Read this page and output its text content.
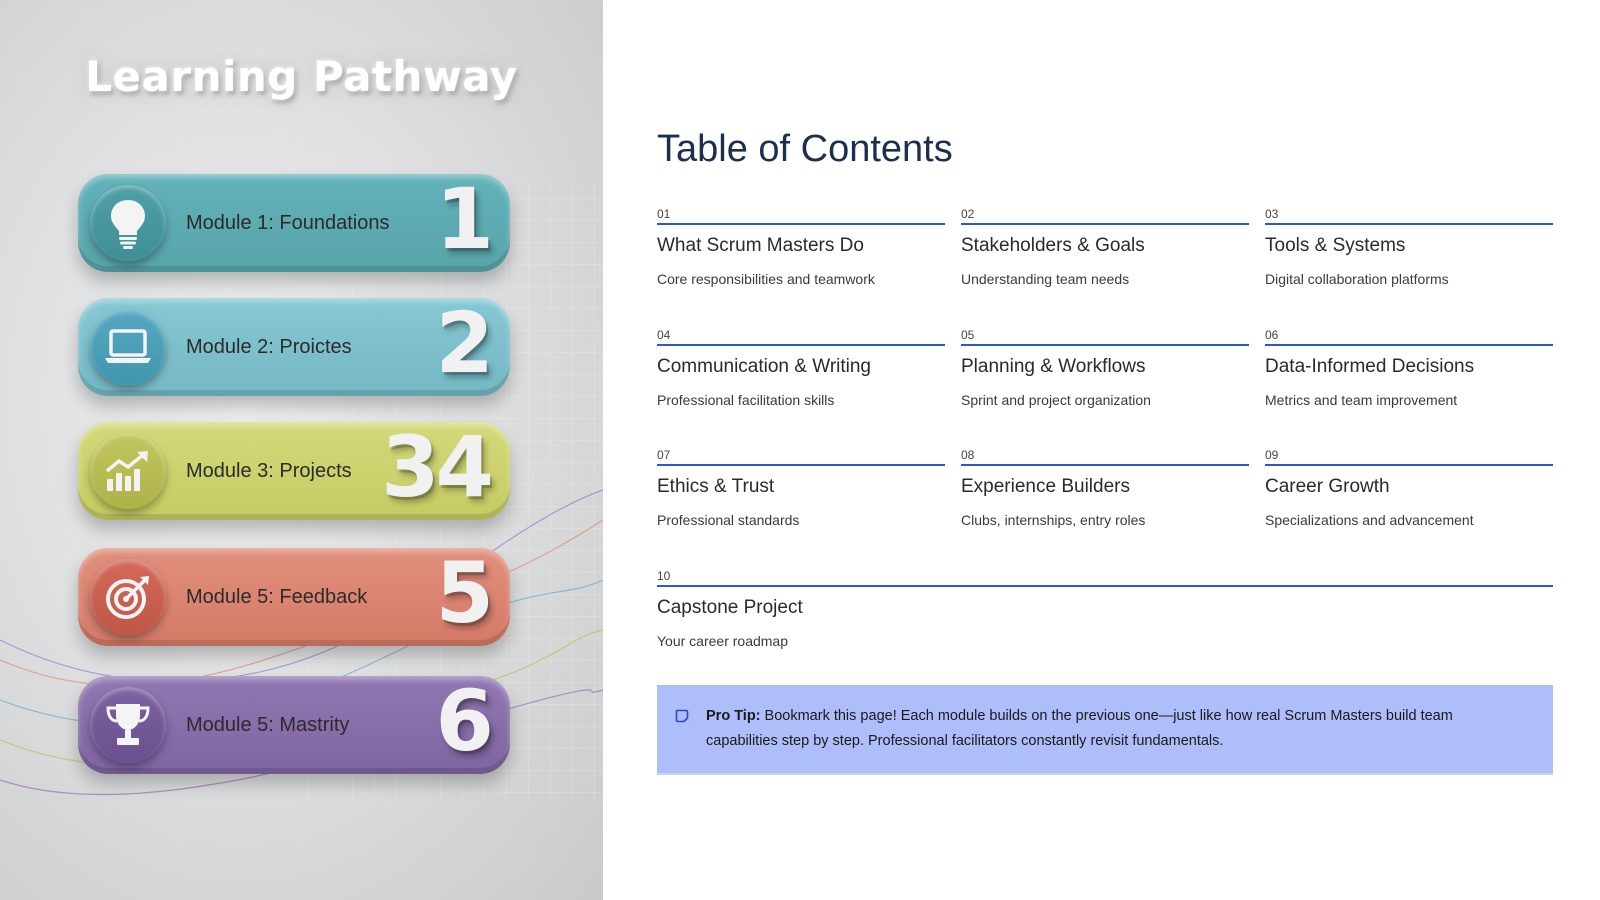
Learning Pathway
Module 1: Foundations 1
Module 2: Proictes 2
Module 3: Projects 34
Module 5: Feedback 5
Module 5: Mastrity 6
Table of Contents
01
What Scrum Masters Do
Core responsibilities and teamwork
02
Stakeholders & Goals
Understanding team needs
03
Tools & Systems
Digital collaboration platforms
04
Communication & Writing
Professional facilitation skills
05
Planning & Workflows
Sprint and project organization
06
Data-Informed Decisions
Metrics and team improvement
07
Ethics & Trust
Professional standards
08
Experience Builders
Clubs, internships, entry roles
09
Career Growth
Specializations and advancement
10
Capstone Project
Your career roadmap
Pro Tip: Bookmark this page! Each module builds on the previous one—just like how real Scrum Masters build team capabilities step by step. Professional facilitators constantly revisit fundamentals.
